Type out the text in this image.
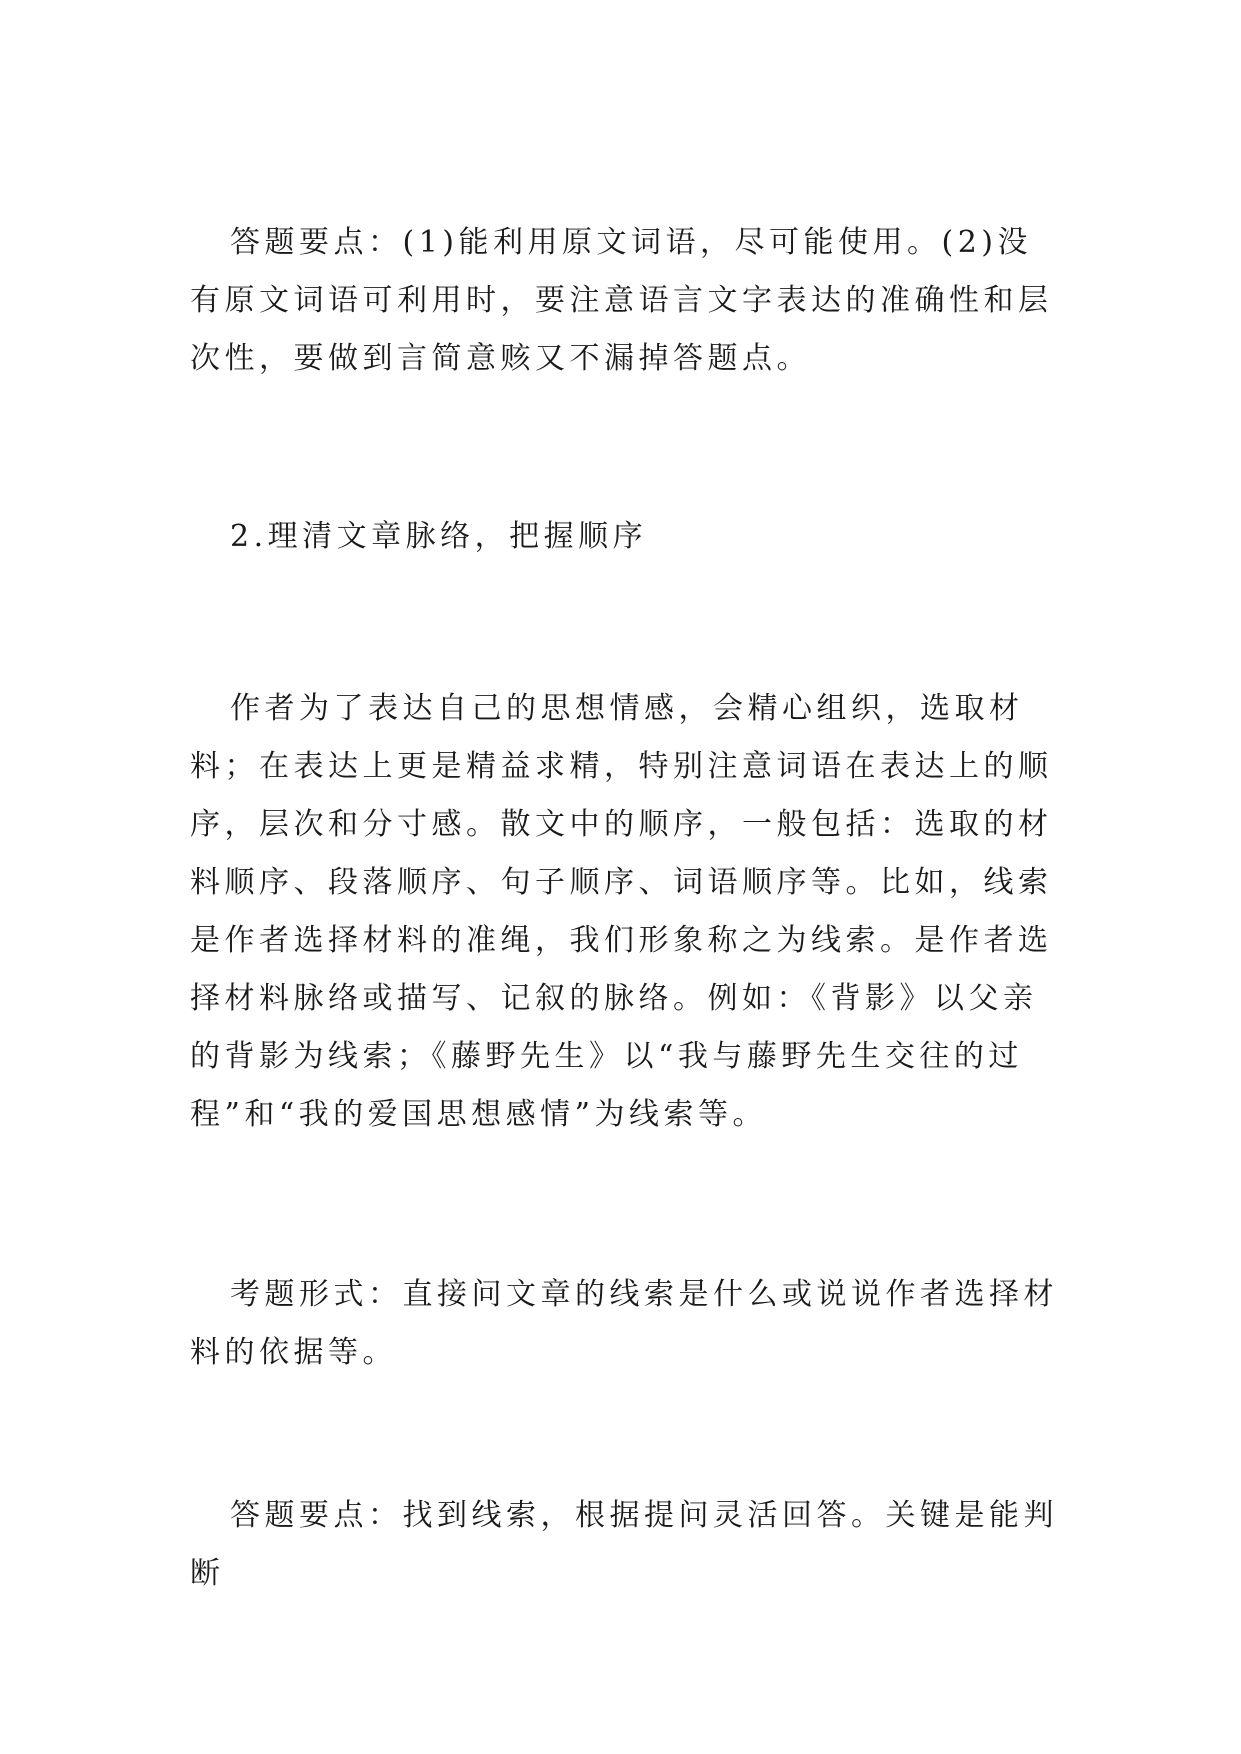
答题要点：(1)能利用原文词语，尽可能使用。(2)没有原文词语可利用时，要注意语言文字表达的准确性和层次性，要做到言简意赅又不漏掉答题点。

2.理清文章脉络，把握顺序

作者为了表达自己的思想情感，会精心组织，选取材料；在表达上更是精益求精，特别注意词语在表达上的顺序，层次和分寸感。散文中的顺序，一般包括：选取的材料顺序、段落顺序、句子顺序、词语顺序等。比如，线索是作者选择材料的准绳，我们形象称之为线索。是作者选择材料脉络或描写、记叙的脉络。例如：《背影》以父亲的背影为线索；《藤野先生》以“我与藤野先生交往的过程”和“我的爱国思想感情”为线索等。

考题形式：直接问文章的线索是什么或说说作者选择材料的依据等。

答题要点：找到线索，根据提问灵活回答。关键是能判断
